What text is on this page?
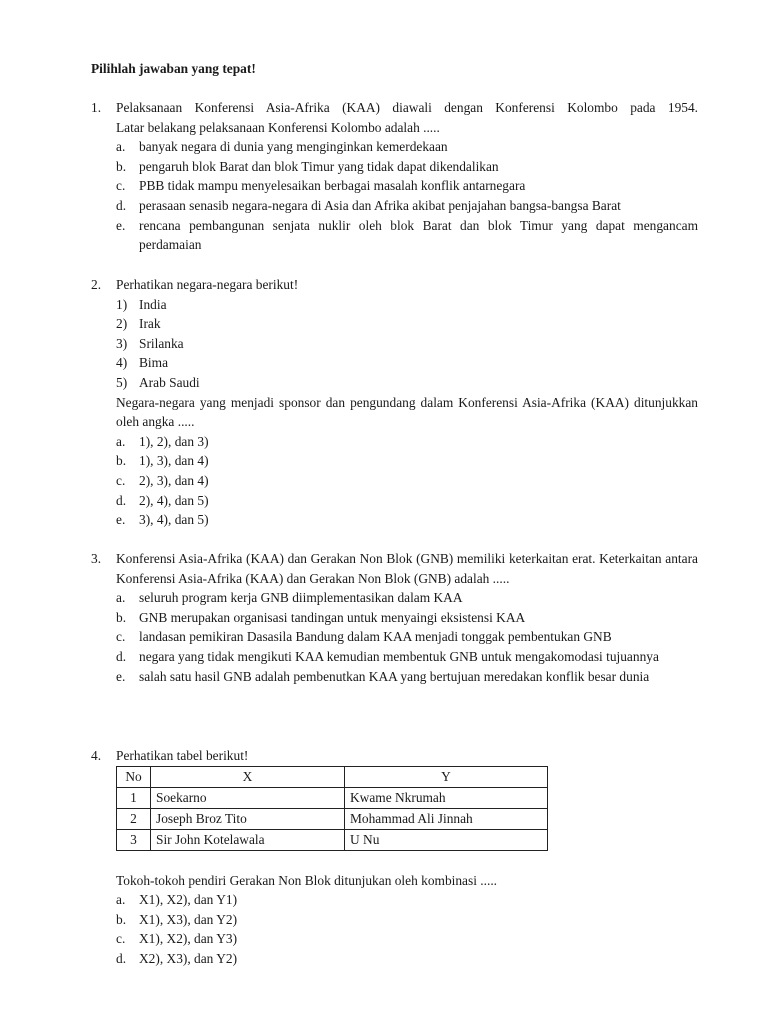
Pilihlah jawaban yang tepat!
1.	Pelaksanaan Konferensi Asia-Afrika (KAA) diawali dengan Konferensi Kolombo pada 1954.
Latar belakang pelaksanaan Konferensi Kolombo adalah .....
a.	banyak negara di dunia yang menginginkan kemerdekaan
b. pengaruh blok Barat dan blok Timur yang tidak dapat dikendalikan
c.	PBB tidak mampu menyelesaikan berbagai masalah konflik antarnegara
d. perasaan senasib negara-negara di Asia dan Afrika akibat penjajahan bangsa-bangsa Barat
e.	rencana pembangunan senjata nuklir oleh blok Barat dan blok Timur yang dapat mengancam perdamaian
2.	Perhatikan negara-negara berikut!
1) India
2) Irak
3) Srilanka
4) Bima
5) Arab Saudi
Negara-negara yang menjadi sponsor dan pengundang dalam Konferensi Asia-Afrika (KAA) ditunjukkan oleh angka .....
a.	1), 2), dan 3)
b. 1), 3), dan 4)
c.	2), 3), dan 4)
d. 2), 4), dan 5)
e.	3), 4), dan 5)
3.	Konferensi Asia-Afrika (KAA) dan Gerakan Non Blok (GNB) memiliki keterkaitan erat. Keterkaitan antara Konferensi Asia-Afrika (KAA) dan Gerakan Non Blok (GNB) adalah .....
a.	seluruh program kerja GNB diimplementasikan dalam KAA
b. GNB merupakan organisasi tandingan untuk menyaingi eksistensi KAA
c.	landasan pemikiran Dasasila Bandung dalam KAA menjadi tonggak pembentukan GNB
d. negara yang tidak mengikuti KAA kemudian membentuk GNB untuk mengakomodasi tujuannya
e.	salah satu hasil GNB adalah pembenutkan KAA yang bertujuan meredakan konflik besar dunia
4.	Perhatikan tabel berikut!
No	X	Y
1	Soekarno	Kwame Nkrumah
2	Joseph Broz Tito	Mohammad Ali Jinnah
3	Sir John Kotelawala	U Nu
Tokoh-tokoh pendiri Gerakan Non Blok ditunjukan oleh kombinasi .....
a.	X1), X2), dan Y1)
b. X1), X3), dan Y2)
c.	X1), X2), dan Y3)
d. X2), X3), dan Y2)
